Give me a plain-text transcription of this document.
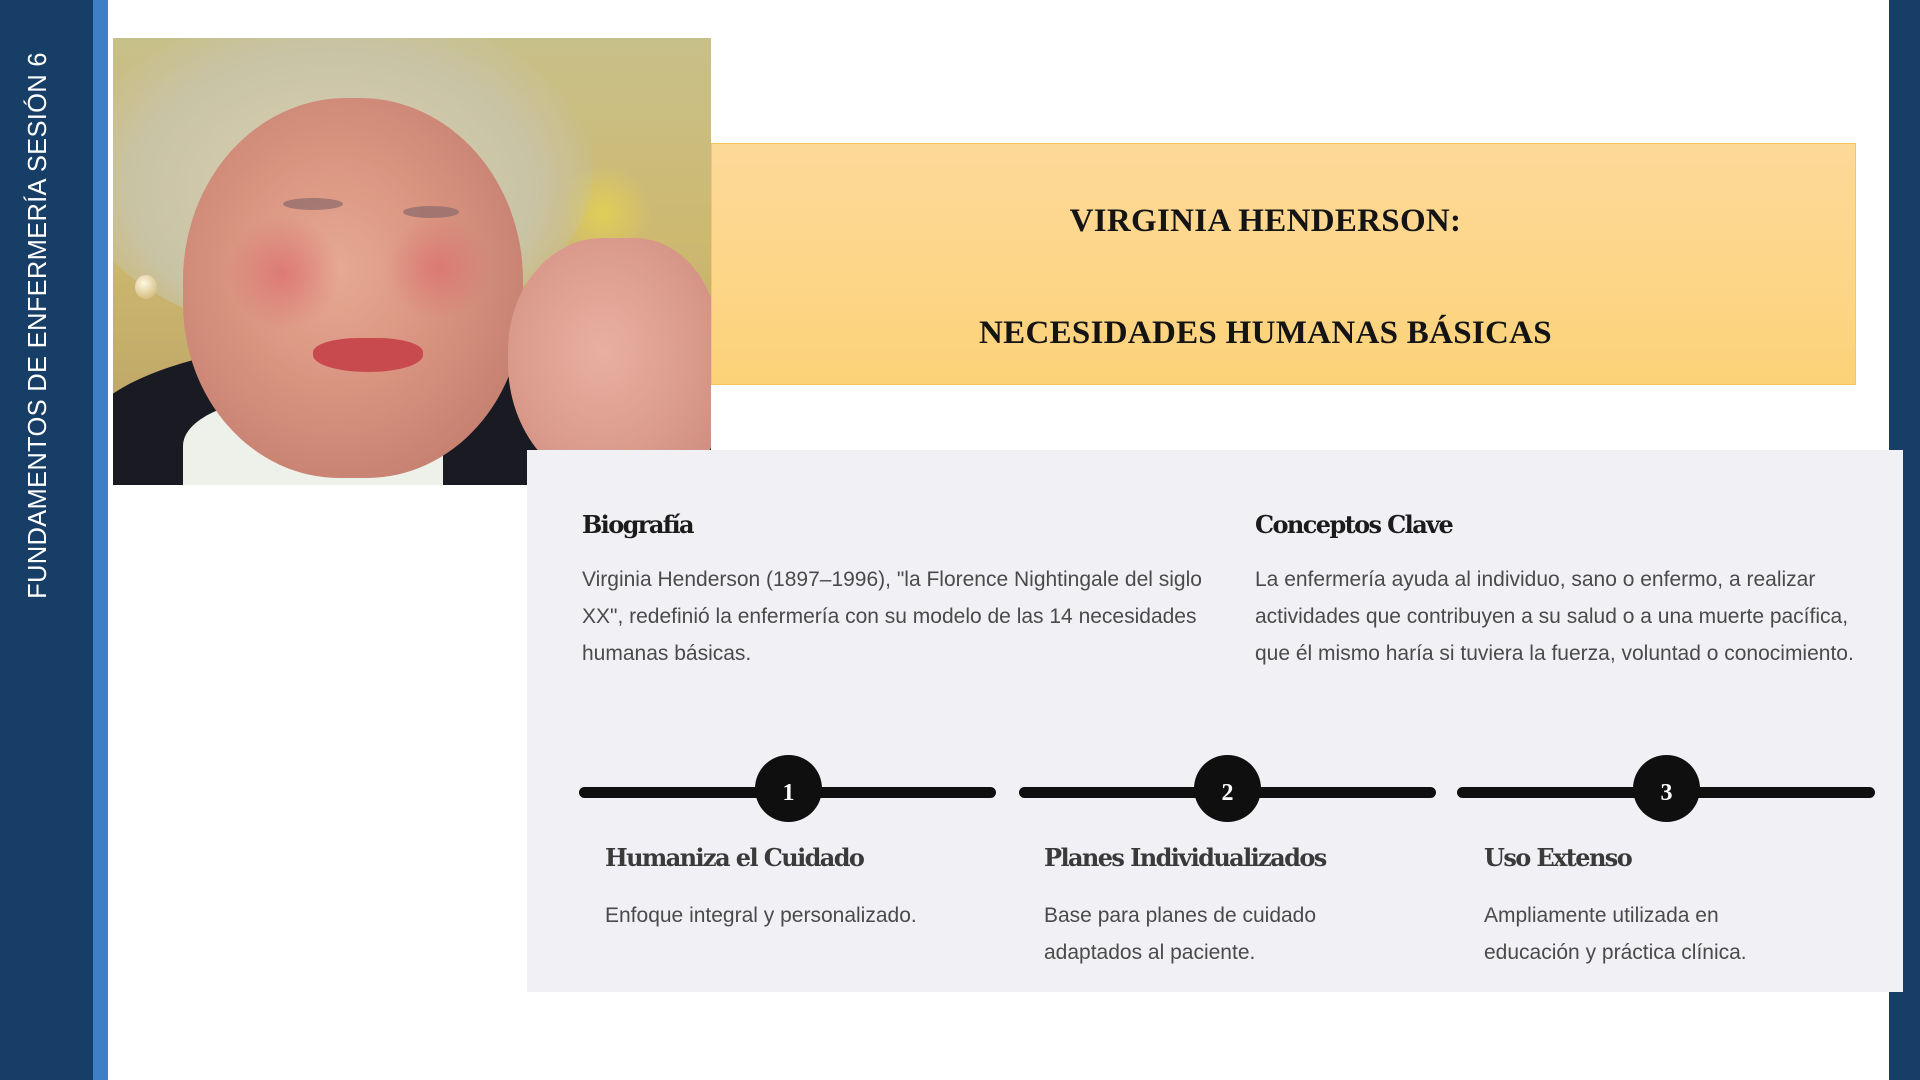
FUNDAMENTOS DE ENFERMERÍA SESIÓN 6	VIRGINIA HENDERSON:
NECESIDADES HUMANAS BÁSICAS
Biografía
Virginia Henderson (1897–1996), "la Florence Nightingale del siglo XX", redefinió la enfermería con su modelo de las 14 necesidades humanas básicas.
Conceptos Clave
La enfermería ayuda al individuo, sano o enfermo, a realizar actividades que contribuyen a su salud o a una muerte pacífica, que él mismo haría si tuviera la fuerza, voluntad o conocimiento.
1
Humaniza el Cuidado
Enfoque integral y personalizado.
2
Planes Individualizados
Base para planes de cuidado adaptados al paciente.
3
Uso Extenso
Ampliamente utilizada en educación y práctica clínica.
